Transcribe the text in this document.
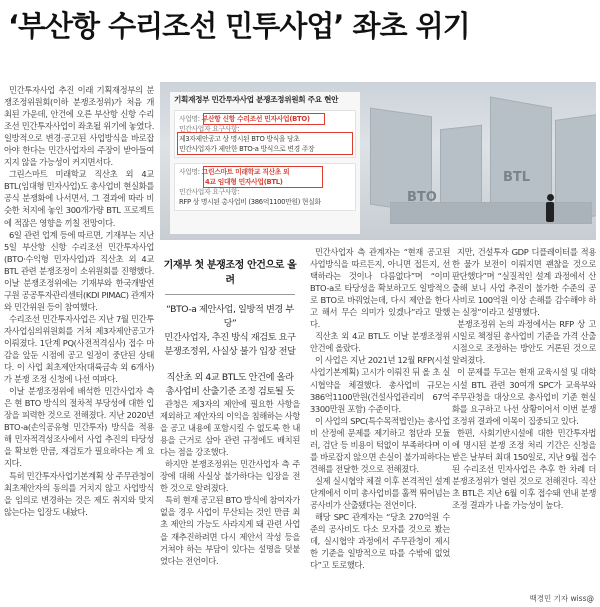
‘부산항 수리조선 민투사업’ 좌초 위기

민간투자사업 추진 이래 기획재정부의 분쟁조정위원회(이하 분쟁조정위)가 처음 개최된 가운데, 안건에 오른 부산항 신항 수리조선 민간투자사업이 좌초될 위기에 놓였다. 일방적으로 변경·공고된 사업방식을 바로잡아야 한다는 민간사업자의 주장이 받아들여지지 않을 가능성이 커지면서다.

그린스마트 미래학교 직산초 외 4교 BTL(임대형 민자사업)도 총사업비 현실화를 공식 분쟁화에 나서면서, 그 결과에 따라 비슷한 처지에 놓인 300개가량 BTL 프로젝트에 적잖은 영향을 끼칠 전망이다.

6일 관련 업계 등에 따르면, 기재부는 지난 5일 부산항 신항 수리조선 민간투자사업(BTO·수익형 민자사업)과 직산초 외 4교 BTL 관련 분쟁조정이 소위원회를 진행했다. 이날 분쟁조정위에는 기재부와 한국개발연구원 공공투자관리센터(KDI PIMAC) 관계자와 민간위원 등이 참여했다.

수리조선 민간투자사업은 지난 7월 민간투자사업심의위원회를 거쳐 제3자제안공고가 이뤄졌다. 1단계 PQ(사전적격심사) 접수 마감을 앞둔 시점에 공고 일정이 중단된 상태다. 이 사업 최초제안자(대륙금속 외 6개사)가 분쟁 조정 신청에 나선 여파다.

이날 분쟁조정위에 배석한 민간사업자 측은 현 BTO 방식의 절차적 부당성에 대한 입장을 피력한 것으로 전해졌다. 지난 2020년 BTO-a(손익공유형 민간투자) 방식을 적용해 민자적격성조사에서 사업 추진의 타당성을 확보한 만큼, 재검토가 필요하다는 게 요지다.

특히 민간투자사업기본계획 상 주무관청이 최초제안자의 동의를 거치지 않고 사업방식을 임의로 변경하는 것은 제도 취지와 맞지 않는다는 입장도 내놨다.

BTO
BTL
기획재정부 민간투자사업 분쟁조정위원회 주요 현안
사업명: 부산항 신항 수리조선 민자사업(BTO)
민간사업자 요구사항:
제3자제안공고 상 명시된 BTO 방식을 당초
민간사업자가 제안한 BTO-a 방식으로 변경 주장
사업명: 그린스마트 미래학교 직산초 외
4교 임대형 민자사업(BTL)
민간사업자 요구사항:
RFP 상 명시된 총사업비 (386억1100만원) 현실화
기재부 첫 분쟁조정 안건으로 올려
“BTO-a 제안사업, 일방적 변경 부당”
민간사업자, 추진 방식 재검토 요구
분쟁조정위, 사실상 불가 입장 전달
직산초 외 4교 BTL도 안건에 올라
총사업비 산출기준 조정 검토될 듯

관청은 제3자의 제안에 필요한 사항을 제외하고 제안자의 이익을 침해하는 사항을 공고 내용에 포함시킬 수 없도록 한 내용을 근거로 삼아 관련 규정에도 배치된다는 점을 강조했다.

하지만 분쟁조정위는 민간사업자 측 주장에 대해 사실상 불가하다는 입장을 전한 것으로 알려졌다.

특히 현재 공고된 BTO 방식에 참여자가 없을 경우 사업이 무산되는 것인 만큼 최초 제안의 가능도 사라지게 돼 관련 사업을 재추진하려면 다시 제안서 작성 등을 거쳐야 하는 부담이 있다는 설명을 덧붙였다는 전언이다.

민간사업자 측 관계자는 “현재 공고된 사업방식을 따르든지, 아니면 접든지, 선택하라는 것이나 다름없다”며 “이미 BTO-a로 타당성을 확보하고도 일방적으로 BTO로 바꿔었는데, 다시 제안을 한다고 해서 무슨 의미가 있겠나”라고 말했다.

직산초 외 4교 BTL도 이날 분쟁조정위 안건에 올랐다.

이 사업은 지난 2021년 12월 RFP(시설사업기본계획) 고시가 이뤄진 뒤 올 초 실시협약을 체결했다. 총사업비 규모는 386억1100만원(건설사업관리비 67억 3300만원 포함) 수준이다.

이 사업의 SPC(특수목적법인)는 총사업비 산정에 문제를 제기하고 첨단과 모듈러, 검단 등 비용이 턱없이 부족하다며 이를 바로잡지 않으면 손실이 불가피하다는 견해를 전달한 것으로 전해졌다.

실제 실시협약 체결 이후 본격적인 설계 단계에서 이미 총사업비를 훌쩍 뛰어넘는 공사비가 산출됐다는 전언이다.

해당 SPC 관계자는 “당초 270억원 수준의 공사비도 다소 모자를 것으로 봤는데, 실시협약 과정에서 주무관청이 제시한 기준을 일방적으로 따를 수밖에 없었다”고 토로했다.

지만, 건설투자 GDP 디플레이터를 적용한 물가 보전이 이뤄지면 괜찮을 것으로 판단했다”며 “실질적인 설계 과정에서 산출해 보니 사업 추진이 불가한 수준의 공사비로 100억원 이상 손해를 감수해야 하는 실정”이라고 설명했다.

분쟁조정위 논의 과정에서는 RFP 상 고시일로 책정된 총사업비 기준을 가격 산출시점으로 조정하는 방안도 거론된 것으로 알려졌다.

이 문제를 두고는 현재 교육시설 및 대학시설 BTL 관련 30여개 SPC가 교육부와 주무관청을 대상으로 총사업비 기준 현실화를 요구하고 나선 상황이어서 이번 분쟁조정위 결과에 이목이 집중되고 있다.

한편, 사회기반시설에 대한 민간투자법에 명시된 분쟁 조정 처리 기간은 신청을 받은 날부터 최대 150일로, 지난 9월 접수된 수리조선 민자사업은 추후 한 차례 더 분쟁조정위가 열린 것으로 전해진다. 직산초 BTL은 지난 6월 이후 접수돼 연내 분쟁 조정 결과가 나올 가능성이 높다.

백경민 기자 wiss@
